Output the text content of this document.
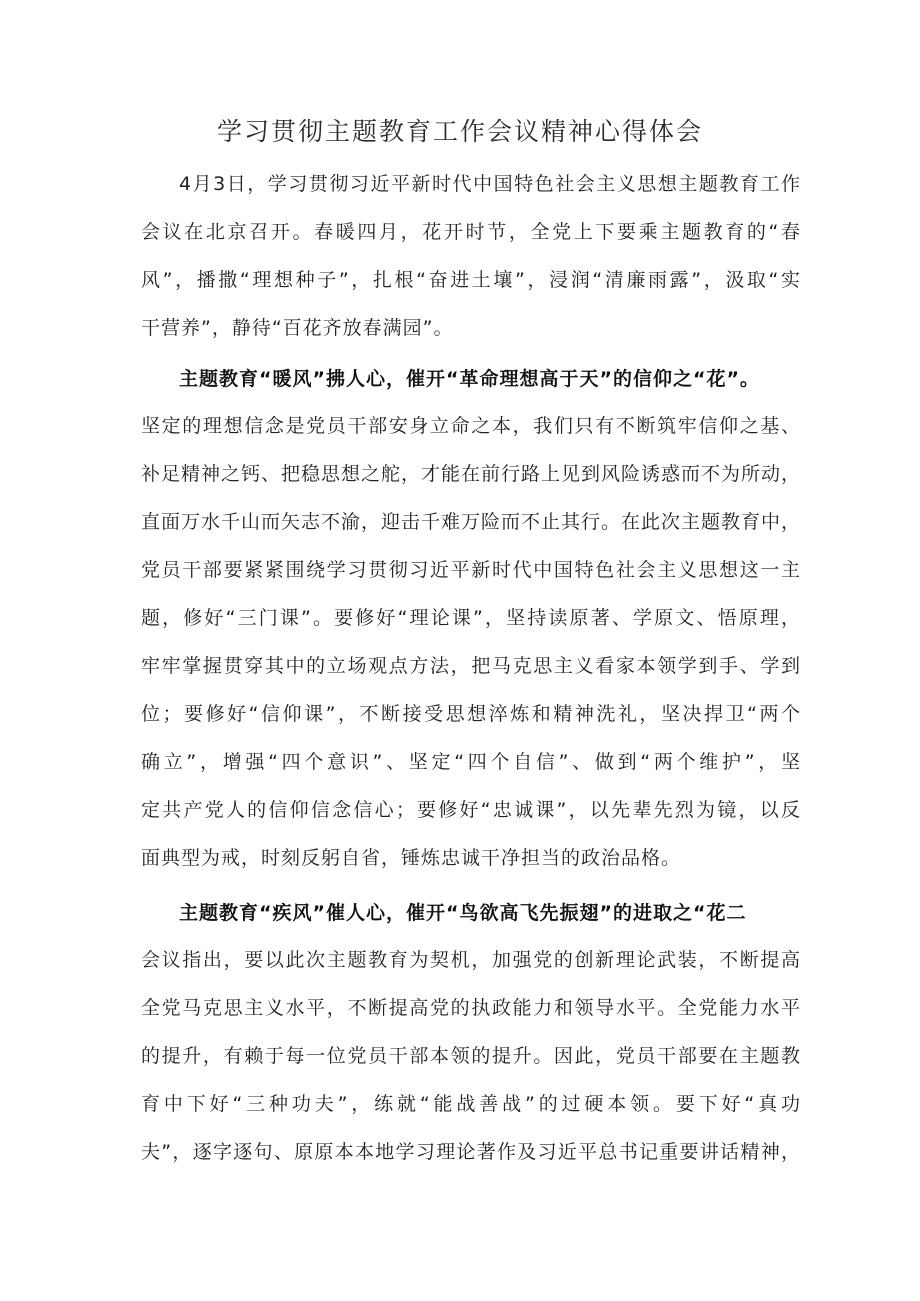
学习贯彻主题教育工作会议精神心得体会

4月3日，学习贯彻习近平新时代中国特色社会主义思想主题教育工作

会议在北京召开。春暖四月，花开时节，全党上下要乘主题教育的“春

风”，播撒“理想种子”，扎根“奋进土壤”，浸润“清廉雨露”，汲取“实

干营养”，静待“百花齐放春满园”。

主题教育“暖风”拂人心，催开“革命理想高于天”的信仰之“花”。

坚定的理想信念是党员干部安身立命之本，我们只有不断筑牢信仰之基、

补足精神之钙、把稳思想之舵，才能在前行路上见到风险诱惑而不为所动，

直面万水千山而矢志不渝，迎击千难万险而不止其行。在此次主题教育中，

党员干部要紧紧围绕学习贯彻习近平新时代中国特色社会主义思想这一主

题，修好“三门课”。要修好“理论课”，坚持读原著、学原文、悟原理，

牢牢掌握贯穿其中的立场观点方法，把马克思主义看家本领学到手、学到

位；要修好“信仰课”，不断接受思想淬炼和精神洗礼，坚决捍卫“两个

确立”，增强“四个意识”、坚定“四个自信”、做到“两个维护”，坚

定共产党人的信仰信念信心；要修好“忠诚课”，以先辈先烈为镜，以反

面典型为戒，时刻反躬自省，锤炼忠诚干净担当的政治品格。

主题教育“疾风”催人心，催开“鸟欲高飞先振翅”的进取之“花二

会议指出，要以此次主题教育为契机，加强党的创新理论武装，不断提高

全党马克思主义水平，不断提高党的执政能力和领导水平。全党能力水平

的提升，有赖于每一位党员干部本领的提升。因此，党员干部要在主题教

育中下好“三种功夫”，练就“能战善战”的过硬本领。要下好“真功

夫”，逐字逐句、原原本本地学习理论著作及习近平总书记重要讲话精神，
